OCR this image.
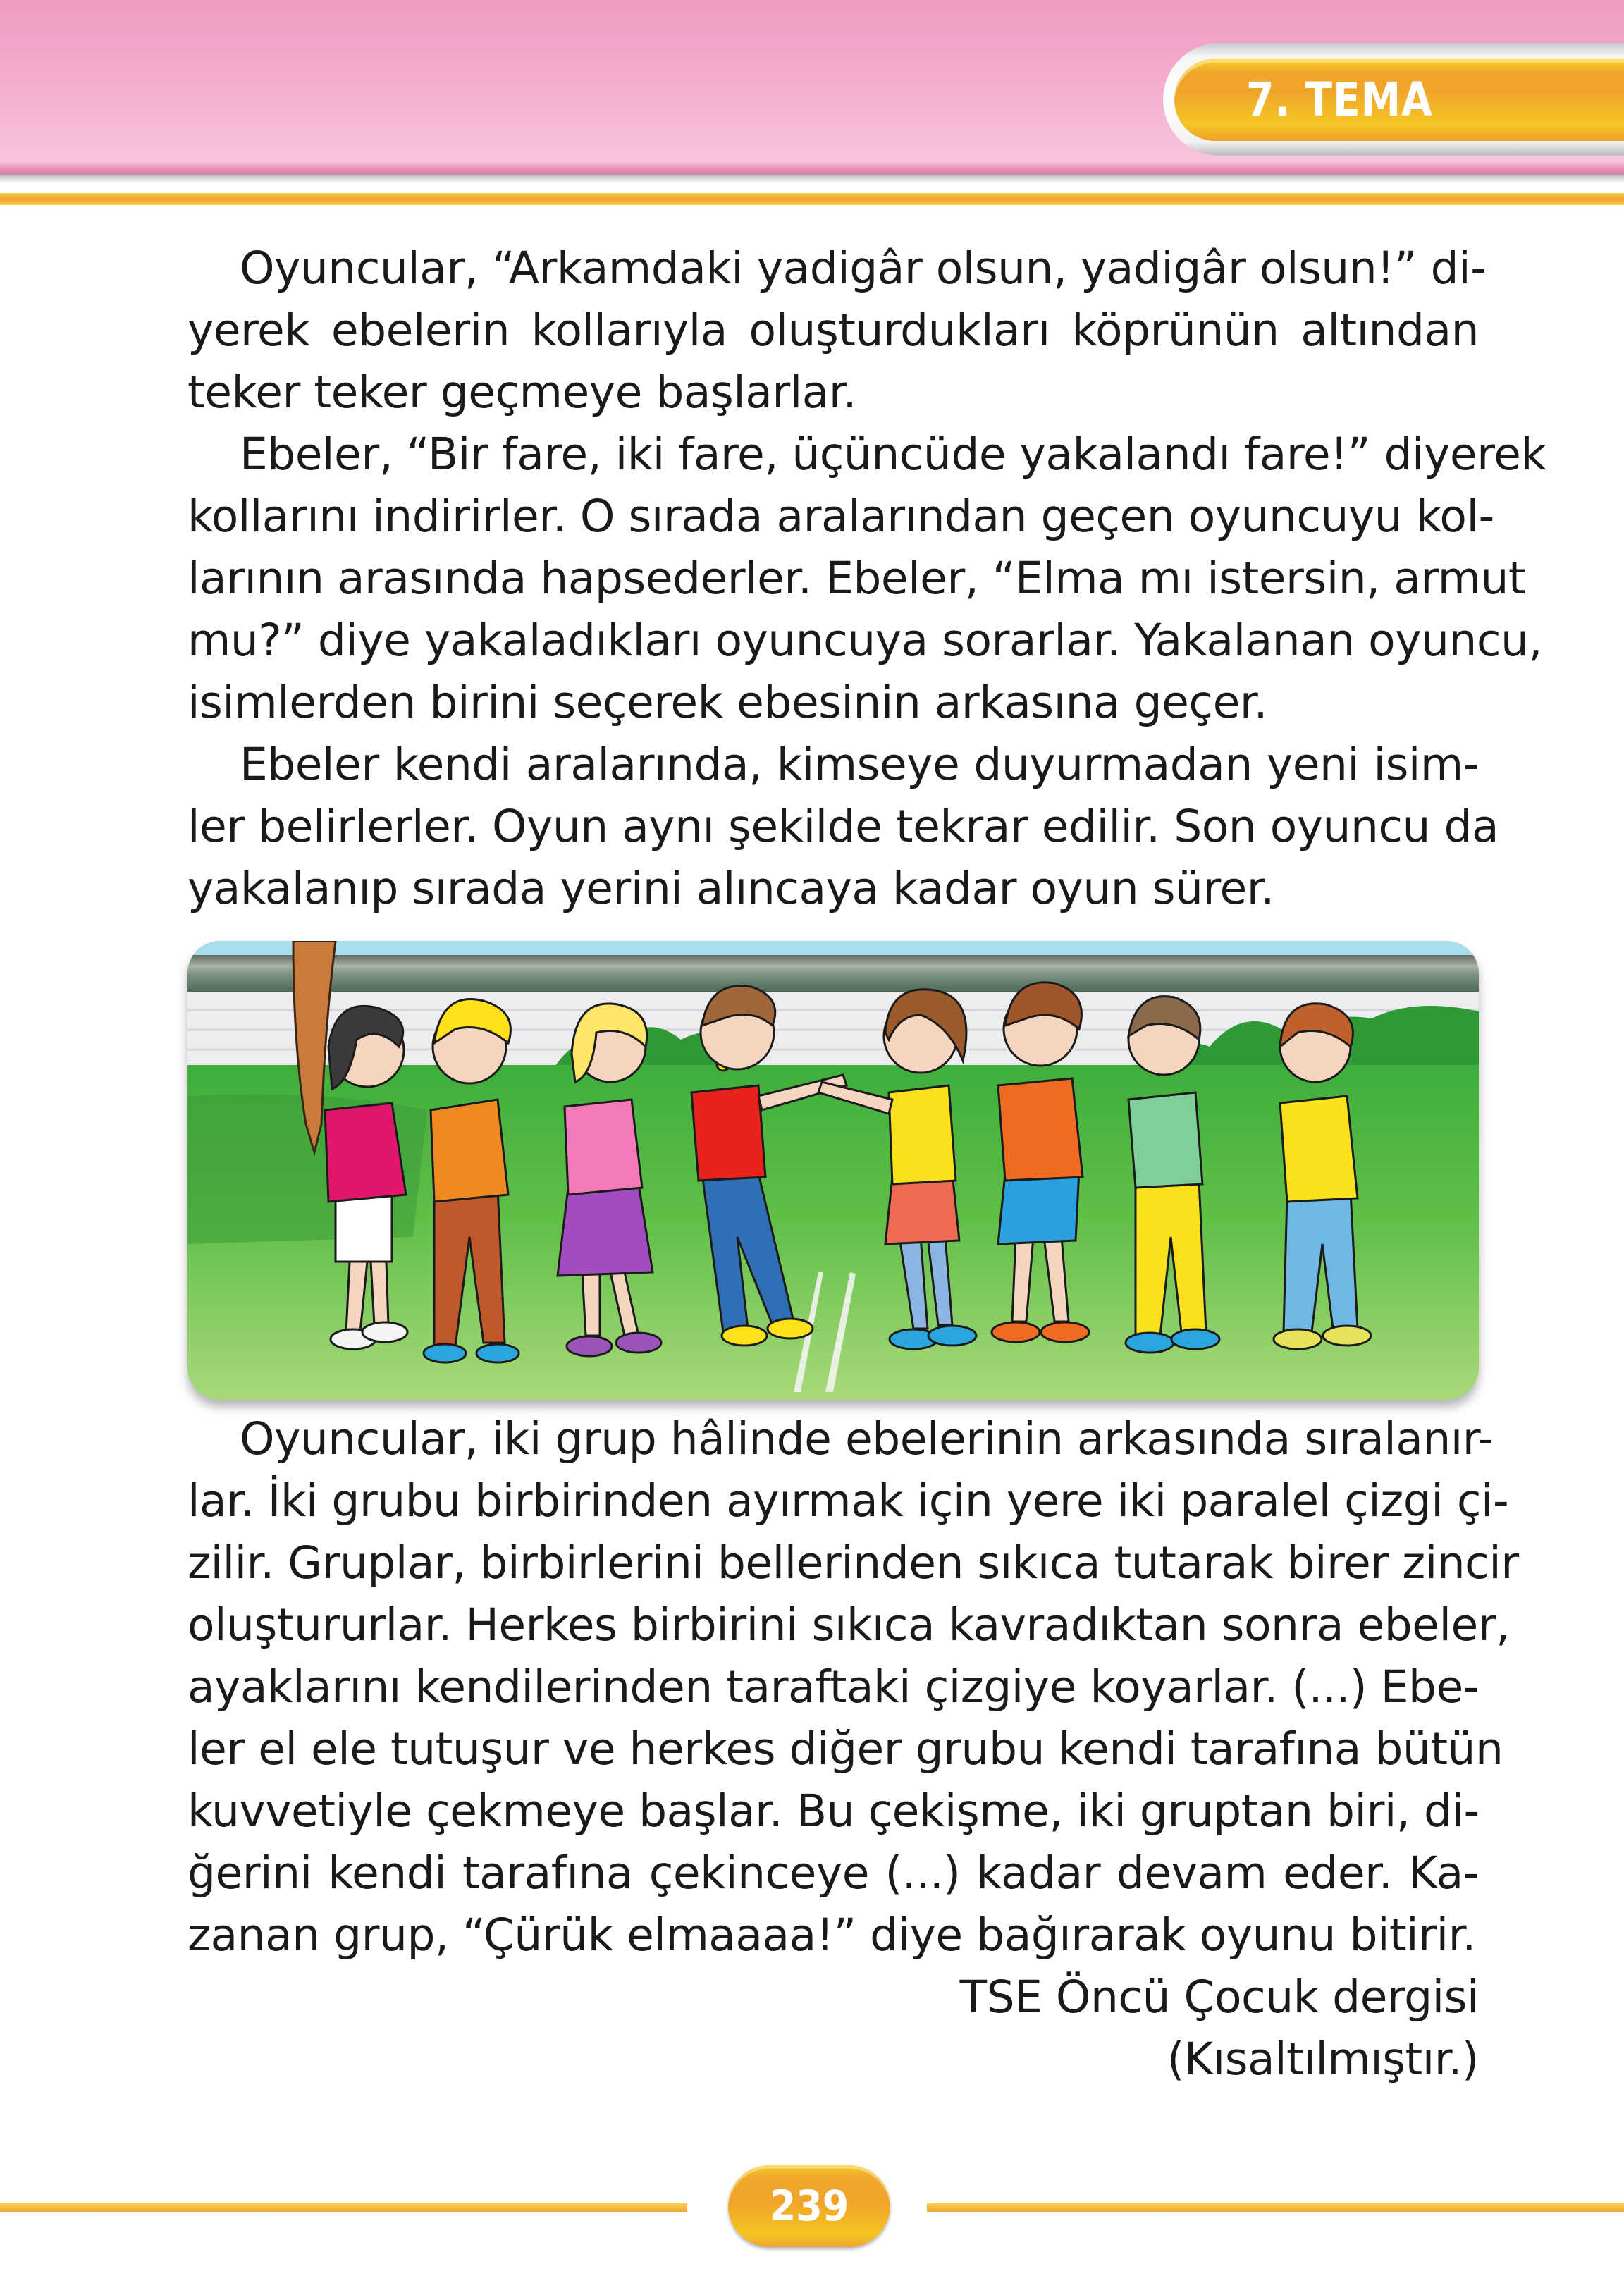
7. TEMA

Oyuncular, “Arkamdaki yadigâr olsun, yadigâr olsun!” di-
yerek ebelerin kollarıyla oluşturdukları köprünün altından
teker teker geçmeye başlarlar.

Ebeler, “Bir fare, iki fare, üçüncüde yakalandı fare!” diyerek
kollarını indirirler. O sırada aralarından geçen oyuncuyu kol-
larının arasında hapsederler. Ebeler, “Elma mı istersin, armut
mu?” diye yakaladıkları oyuncuya sorarlar. Yakalanan oyuncu,
isimlerden birini seçerek ebesinin arkasına geçer.

Ebeler kendi aralarında, kimseye duyurmadan yeni isim-
ler belirlerler. Oyun aynı şekilde tekrar edilir. Son oyuncu da
yakalanıp sırada yerini alıncaya kadar oyun sürer.

Oyuncular, iki grup hâlinde ebelerinin arkasında sıralanır-
lar. İki grubu birbirinden ayırmak için yere iki paralel çizgi çi-
zilir. Gruplar, birbirlerini bellerinden sıkıca tutarak birer zincir
oluştururlar. Herkes birbirini sıkıca kavradıktan sonra ebeler,
ayaklarını kendilerinden taraftaki çizgiye koyarlar. (...) Ebe-
ler el ele tutuşur ve herkes diğer grubu kendi tarafına bütün
kuvvetiyle çekmeye başlar. Bu çekişme, iki gruptan biri, di-
ğerini kendi tarafına çekinceye (...) kadar devam eder. Ka-
zanan grup, “Çürük elmaaaa!” diye bağırarak oyunu bitirir.

TSE Öncü Çocuk dergisi
(Kısaltılmıştır.)
239
